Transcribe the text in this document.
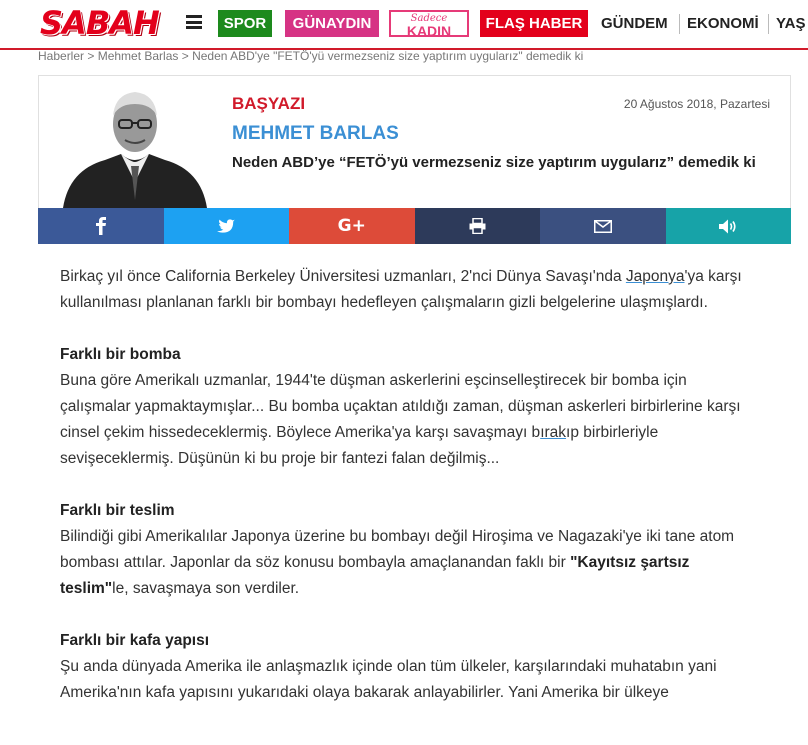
SABAH	SPOR	GÜNAYDIN	Sadece
KADIN	FLAŞ HABER	GÜNDEM EKONOMİ YAŞ
Haberler > Mehmet Barlas > Neden ABD'ye "FETÖ'yü vermezseniz size yaptırım uygularız" demedik ki
BAŞYAZI	20 Ağustos 2018, Pazartesi
MEHMET BARLAS
Neden ABD’ye “FETÖ’yü vermezseniz size yaptırım uygularız” demedik ki
G+

Birkaç yıl önce California Berkeley Üniversitesi uzmanları, 2'nci Dünya Savaşı'nda Japonya'ya karşı kullanılması planlanan farklı bir bombayı hedefleyen çalışmaların gizli belgelerine ulaşmışlardı.

Farklı bir bomba

Buna göre Amerikalı uzmanlar, 1944'te düşman askerlerini eşcinselleştirecek bir bomba için çalışmalar yapmaktaymışlar... Bu bomba uçaktan atıldığı zaman, düşman askerleri birbirlerine karşı cinsel çekim hissedeceklermiş. Böylece Amerika'ya karşı savaşmayı bırakıp birbirleriyle sevişeceklermiş. Düşünün ki bu proje bir fantezi falan değilmiş...

Farklı bir teslim

Bilindiği gibi Amerikalılar Japonya üzerine bu bombayı değil Hiroşima ve Nagazaki'ye iki tane atom bombası attılar. Japonlar da söz konusu bombayla amaçlanandan faklı bir "Kayıtsız şartsız teslim"le, savaşmaya son verdiler.

Farklı bir kafa yapısı

Şu anda dünyada Amerika ile anlaşmazlık içinde olan tüm ülkeler, karşılarındaki muhatabın yani Amerika'nın kafa yapısını yukarıdaki olaya bakarak anlayabilirler. Yani Amerika bir ülkeye
